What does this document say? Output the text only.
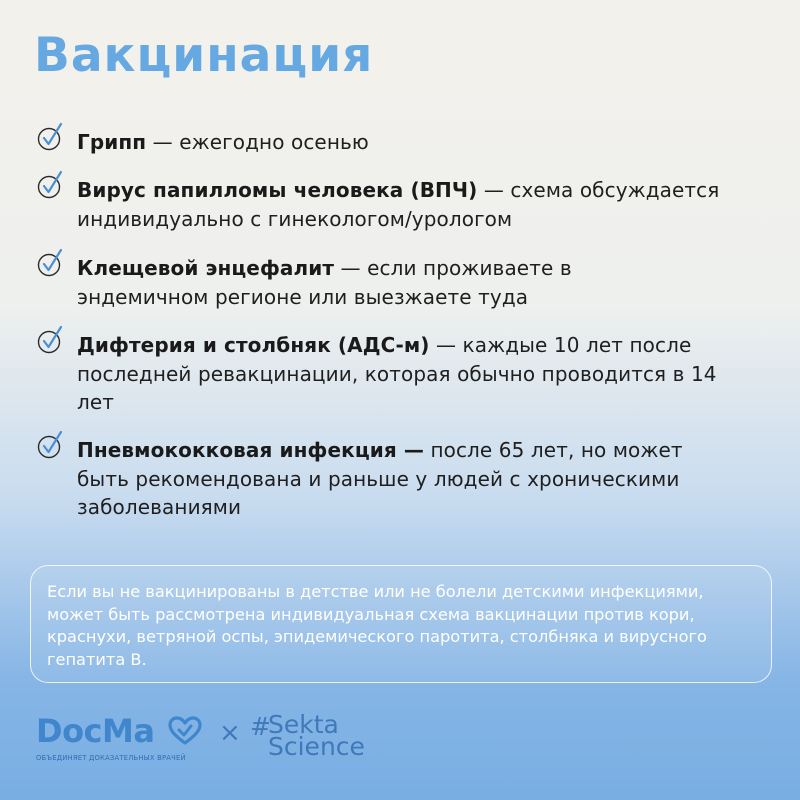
Вакцинация
Грипп — ежегодно осенью
Вирус папилломы человека (ВПЧ) — схема обсуждается индивидуально с гинекологом/урологом
Клещевой энцефалит — если проживаете в эндемичном регионе или выезжаете туда
Дифтерия и столбняк (АДС-м) — каждые 10 лет после последней ревакцинации, которая обычно проводится в 14 лет
Пневмококковая инфекция — после 65 лет, но может быть рекомендована и раньше у людей с хроническими заболеваниями
Если вы не вакцинированы в детстве или не болели детскими инфекциями, может быть рассмотрена индивидуальная схема вакцинации против кори, краснухи, ветряной оспы, эпидемического паротита, столбняка и вирусного гепатита B.
DocMa
ОБЪЕДИНЯЕТ ДОКАЗАТЕЛЬНЫХ ВРАЧЕЙ
× #
Sekta
Science
